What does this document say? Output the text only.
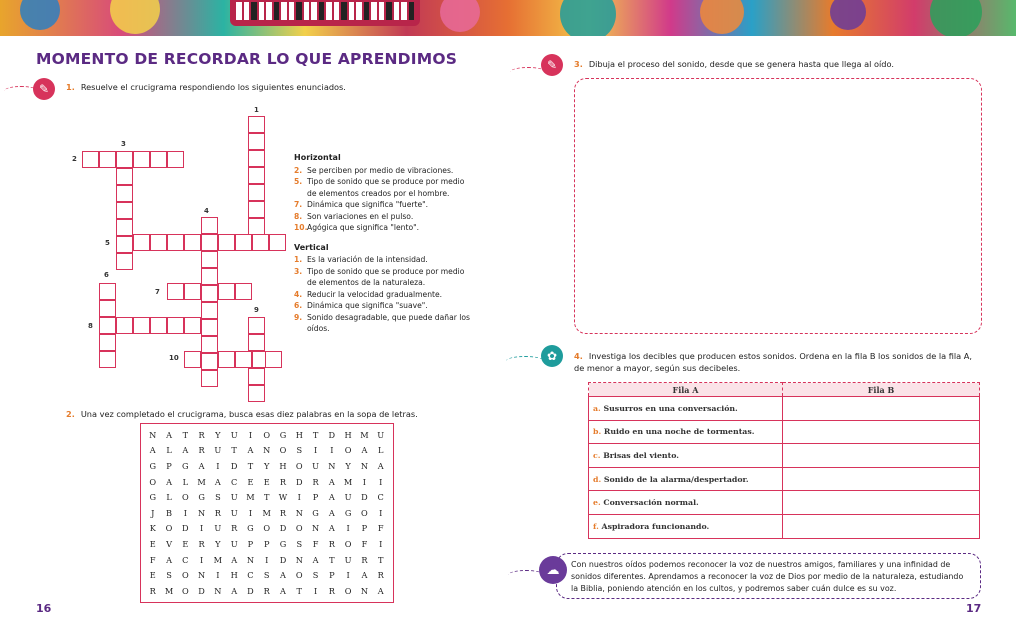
MOMENTO DE RECORDAR LO QUE APRENDIMOS
✎	1. Resuelve el crucigrama respondiendo los siguientes enunciados.
1
2
3
4
5
6
7
8
9
10
Horizontal
2. Se perciben por medio de vibraciones.
5. Tipo de sonido que se produce por medio de elementos creados por el hombre.
7. Dinámica que significa "fuerte".
8. Son variaciones en el pulso.
10. Agógica que significa "lento".
Vertical
1. Es la variación de la intensidad.
3. Tipo de sonido que se produce por medio de elementos de la naturaleza.
4. Reducir la velocidad gradualmente.
6. Dinámica que significa "suave".
9. Sonido desagradable, que puede dañar los oídos.
2. Una vez completado el crucigrama, busca esas diez palabras en la sopa de letras.
N	A	T	R	Y	U	I	O	G	H	T	D	H M U
A	L	A	R	U	T	A	N	O	S	I	I	O	A	L
G	P	G	A	I	D	T	Y	H	O	U	N	Y	N	A
O	A	L	M	A	C	E	E	R	D	R	A	M	I	I
G	L	O	G	S	U M	T	W	I	P	A	U	D	C
J	B	I	N	R	U	I	M	R	N	G	A	G	O	I
K	O	D	I	U	R	G	O	D	O	N	A	I	P	F
E	V	E	R	Y	U	P	P	G	S	F	R	O	F	I
F	A	C	I	M	A	N	I	D	N	A	T	U	R	T
E	S	O	N	I	H	C	S	A	O	S	P	I	A	R
R	M	O	D	N	A	D	R	A	T	I	R	O	N	A
16
✎	3. Dibuja el proceso del sonido, desde que se genera hasta que llega al oído.
✿	4. Investiga los decibles que producen estos sonidos. Ordena en la fila B los sonidos de la fila A, de menor a mayor, según sus decibeles.
Fila A	Fila B
a. Susurros en una conversación.	
b. Ruido en una noche de tormentas.	
c. Brisas del viento.	
d. Sonido de la alarma/despertador.	
e. Conversación normal.	
f. Aspiradora funcionando.	
Con nuestros oídos podemos reconocer la voz de nuestros amigos, familiares y una infinidad de sonidos diferentes. Aprendamos a reconocer la voz de Dios por medio de la naturaleza, estudiando la Biblia, poniendo atención en los cultos, y podremos saber cuán dulce es su voz.
☁
17
